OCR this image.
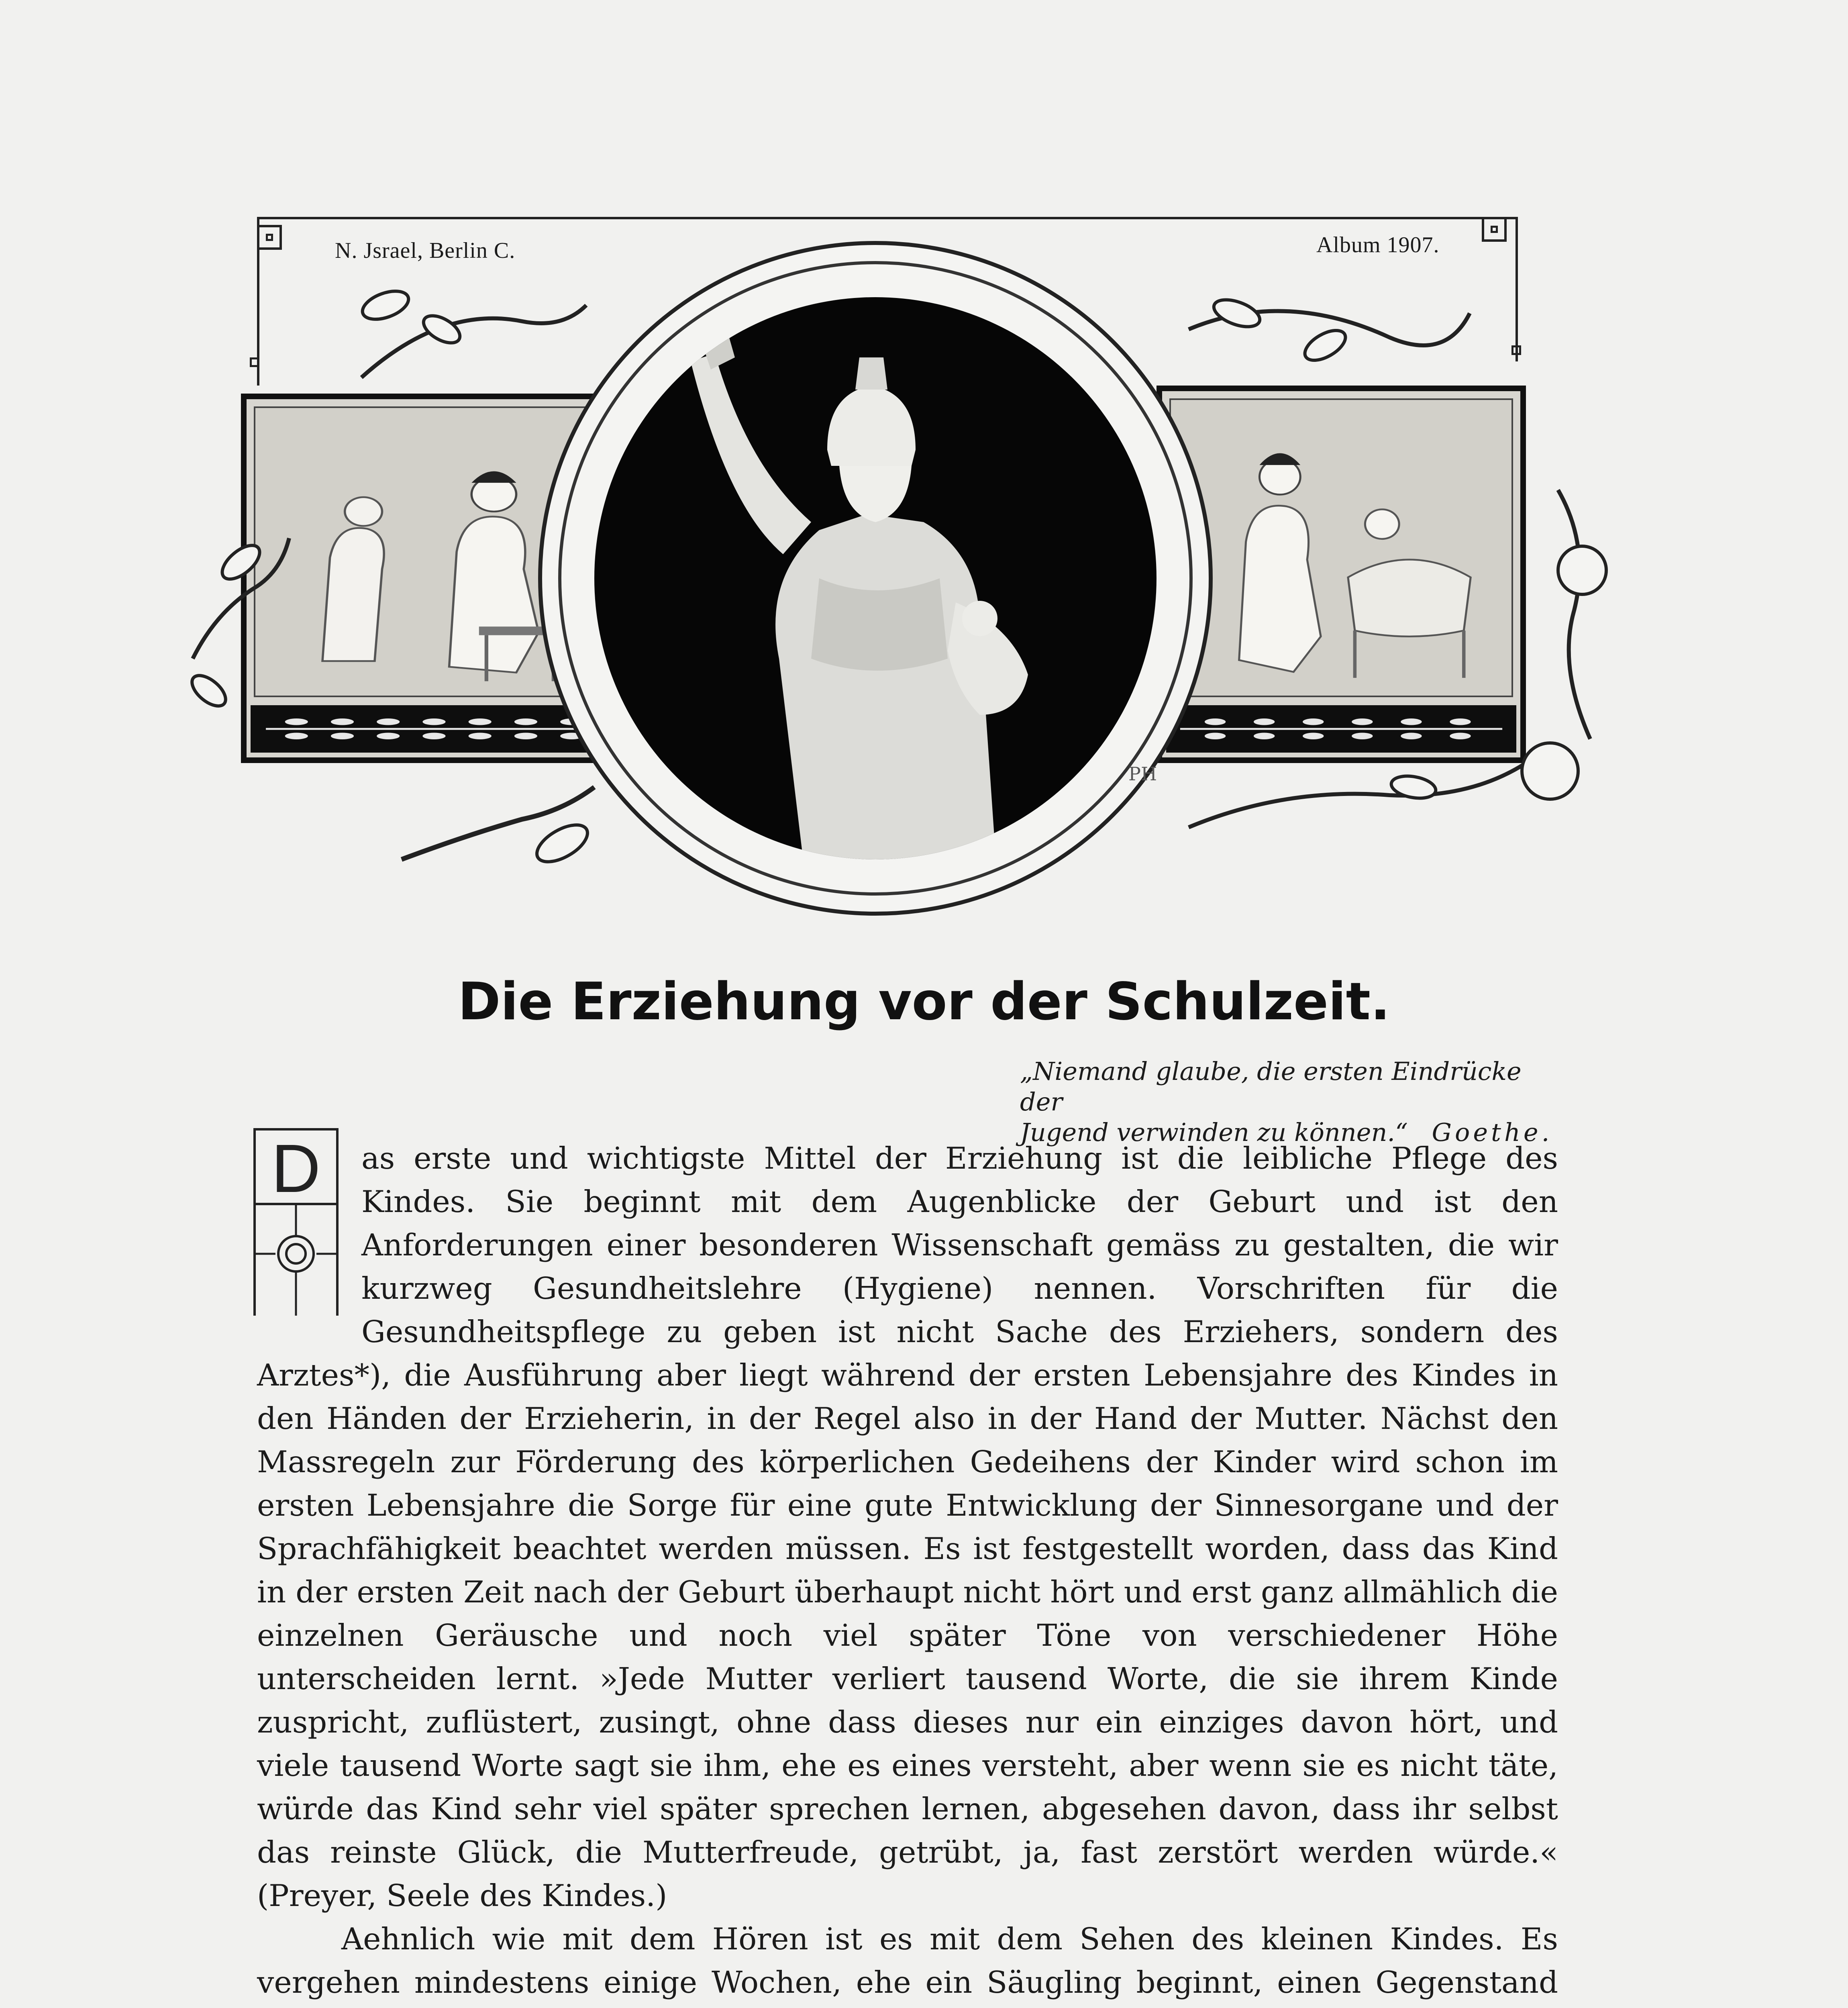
N. Jsrael, Berlin C.	Album 1907.
PH
Die Erziehung vor der Schulzeit.
„Niemand glaube, die ersten Eindrücke der
Jugend verwinden zu können.“ Goethe.
D	as erste und wichtigste Mittel der Erziehung ist die leibliche Pflege des Kindes. Sie beginnt mit dem Augenblicke der Geburt und ist den Anforderungen einer besonderen Wissenschaft gemäss zu gestalten, die wir kurzweg Gesundheitslehre (Hygiene) nennen. Vorschriften für die Gesundheitspflege zu geben ist nicht Sache des Erziehers, sondern des Arztes*), die Ausführung aber liegt während der ersten Lebensjahre des Kindes in den Händen der Erzieherin, in der Regel also in der Hand der Mutter. Nächst den Massregeln zur Förderung des körperlichen Gedeihens der Kinder wird schon im ersten Lebensjahre die Sorge für eine gute Entwicklung der Sinnesorgane und der Sprachfähigkeit beachtet werden müssen. Es ist festgestellt worden, dass das Kind in der ersten Zeit nach der Geburt überhaupt nicht hört und erst ganz allmählich die einzelnen Geräusche und noch viel später Töne von verschiedener Höhe unterscheiden lernt. »Jede Mutter verliert tausend Worte, die sie ihrem Kinde zuspricht, zuflüstert, zusingt, ohne dass dieses nur ein einziges davon hört, und viele tausend Worte sagt sie ihm, ehe es eines versteht, aber wenn sie es nicht täte, würde das Kind sehr viel später sprechen lernen, abgesehen davon, dass ihr selbst das reinste Glück, die Mutterfreude, getrübt, ja, fast zerstört werden würde.« (Preyer, Seele des Kindes.)

Aehnlich wie mit dem Hören ist es mit dem Sehen des kleinen Kindes. Es vergehen mindestens einige Wochen, ehe ein Säugling beginnt, einen Gegenstand
